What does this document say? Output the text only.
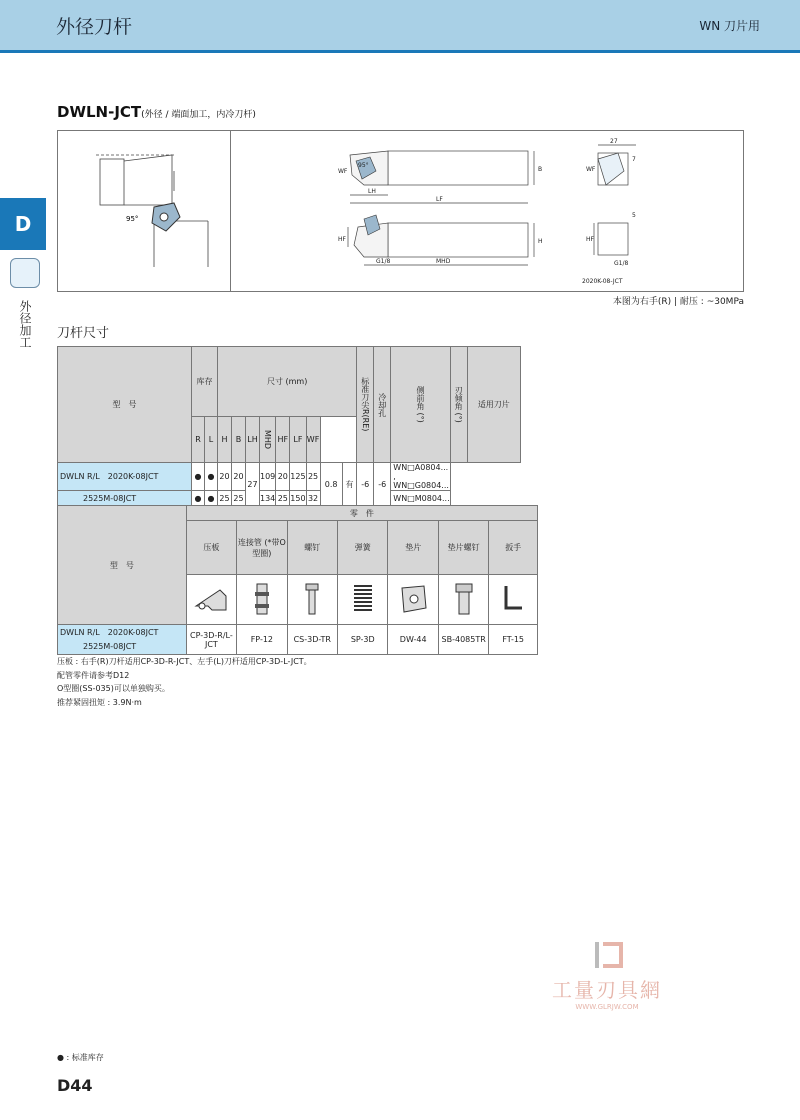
外径刀杆	WN 刀片用
D
外径加工
DWLN-JCT(外径 / 端面加工，内冷刀杆)
95°
WF	B
LH
LF
95°
HF	H
G1/8	MHD
27
7
5
WF
HF
G1/8
2020K-08-JCT
本图为右手(R) | 耐压 : ~30MPa
刀杆尺寸
型　号	库存		尺寸 (mm)									标准刀尖R(RE)	冷却孔	侧前角 (°)	刃倾角 (°)	适用刀片
	R	L	H	B	LH	MHD	HF	LF	WF							
DWLN R/L　2020K-08JCT	●	●	20	20	27	109	20	125	25	0.8	有	-6	-6	WN□A0804... , WN□G0804...		
2525M-08JCT	●	●	25	25		134	25	150	32					WN□M0804...		
型　号	零　件						
	压板	连接管 (*带O型圈)	螺钉	弹簧	垫片	垫片螺钉	扳手

DWLN R/L　2020K-08JCT
2525M-08JCT	CP-3D-R/L-JCT	FP-12	CS-3D-TR	SP-3D	DW-44	SB-4085TR	FT-15

压板 : 右手(R)刀杆适用CP-3D-R-JCT、左手(L)刀杆适用CP-3D-L-JCT。
配管零件请参考D12
O型圈(SS-035)可以单独购买。
推荐紧固扭矩 : 3.9N·m
工量刃具網
WWW.GLRJW.COM
● : 标准库存
D44
